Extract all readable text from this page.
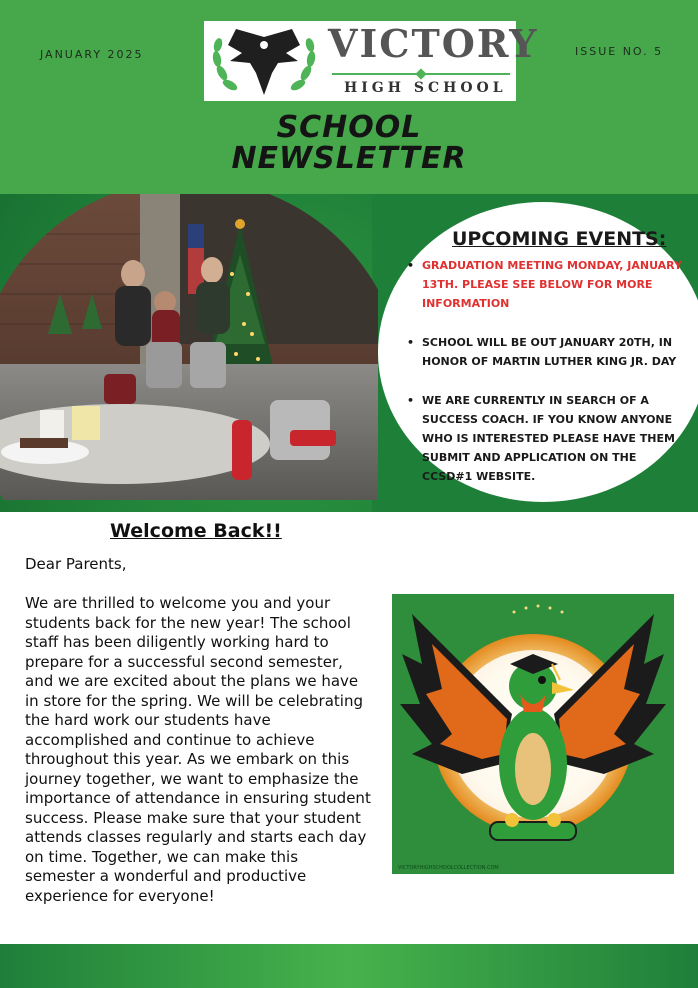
JANUARY 2025	ISSUE NO. 5
VICTORY
HIGH SCHOOL
SCHOOL
NEWSLETTER
UPCOMING EVENTS:
• GRADUATION MEETING MONDAY, JANUARY 13TH. PLEASE SEE BELOW FOR MORE INFORMATION
• SCHOOL WILL BE OUT JANUARY 20TH, IN HONOR OF MARTIN LUTHER KING JR. DAY
• WE ARE CURRENTLY IN SEARCH OF A SUCCESS COACH. IF YOU KNOW ANYONE WHO IS INTERESTED PLEASE HAVE THEM SUBMIT AND APPLICATION ON THE CCSD#1 WEBSITE.
Welcome Back!!
Dear Parents,
We are thrilled to welcome you and your students back for the new year! The school staff has been diligently working hard to prepare for a successful second semester, and we are excited about the plans we have in store for the spring. We will be celebrating the hard work our students have accomplished and continue to achieve throughout this year. As we embark on this journey together, we want to emphasize the importance of attendance in ensuring student success. Please make sure that your student attends classes regularly and starts each day on time. Together, we can make this semester a wonderful and productive experience for everyone!
VICTORYHIGHSCHOOLCOLLECTION.COM
